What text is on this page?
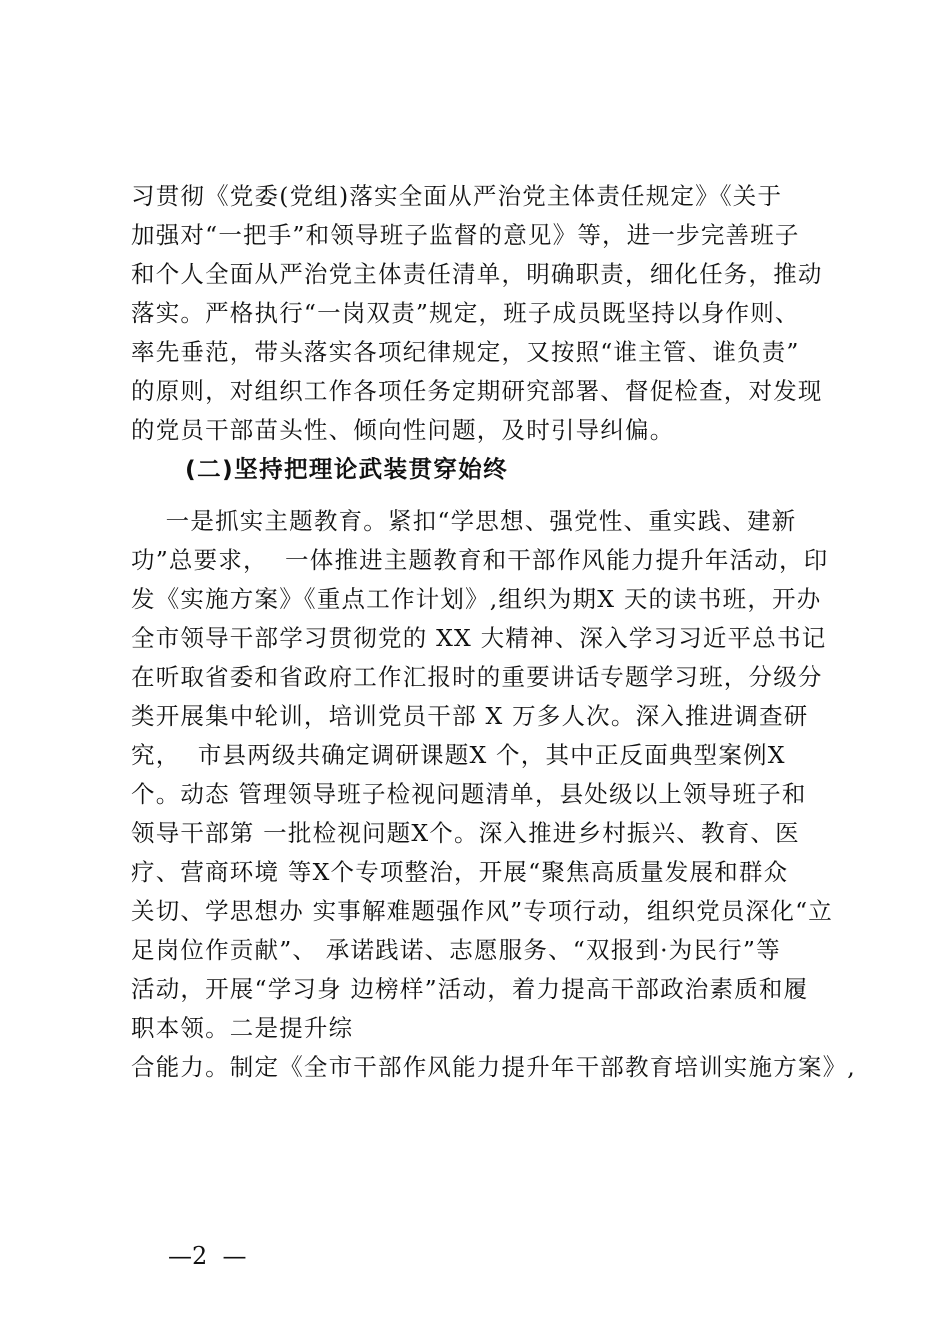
习贯彻《党委(党组)落实全面从严治党主体责任规定》《关于
加强对“一把手”和领导班子监督的意见》等，进一步完善班子
和个人全面从严治党主体责任清单，明确职责，细化任务，推动
落实。严格执行“一岗双责”规定，班子成员既坚持以身作则、
率先垂范，带头落实各项纪律规定，又按照“谁主管、谁负责”
的原则，对组织工作各项任务定期研究部署、督促检查，对发现
的党员干部苗头性、倾向性问题，及时引导纠偏。
(二)坚持把理论武装贯穿始终
一是抓实主题教育。紧扣“学思想、强党性、重实践、建新
功”总要求，  一体推进主题教育和干部作风能力提升年活动，印
发《实施方案》《重点工作计划》,组织为期X 天的读书班，开办
全市领导干部学习贯彻党的 XX 大精神、深入学习习近平总书记
在听取省委和省政府工作汇报时的重要讲话专题学习班，分级分
类开展集中轮训，培训党员干部 X 万多人次。深入推进调查研
究，  市县两级共确定调研课题X 个，其中正反面典型案例X
个。动态 管理领导班子检视问题清单，县处级以上领导班子和
领导干部第 一批检视问题X个。深入推进乡村振兴、教育、医
疗、营商环境 等X个专项整治，开展“聚焦高质量发展和群众
关切、学思想办 实事解难题强作风”专项行动，组织党员深化“立
足岗位作贡献”、 承诺践诺、志愿服务、“双报到·为民行”等
活动，开展“学习身 边榜样”活动，着力提高干部政治素质和履
职本领。二是提升综
合能力。制定《全市干部作风能力提升年干部教育培训实施方案》,
—2  —
